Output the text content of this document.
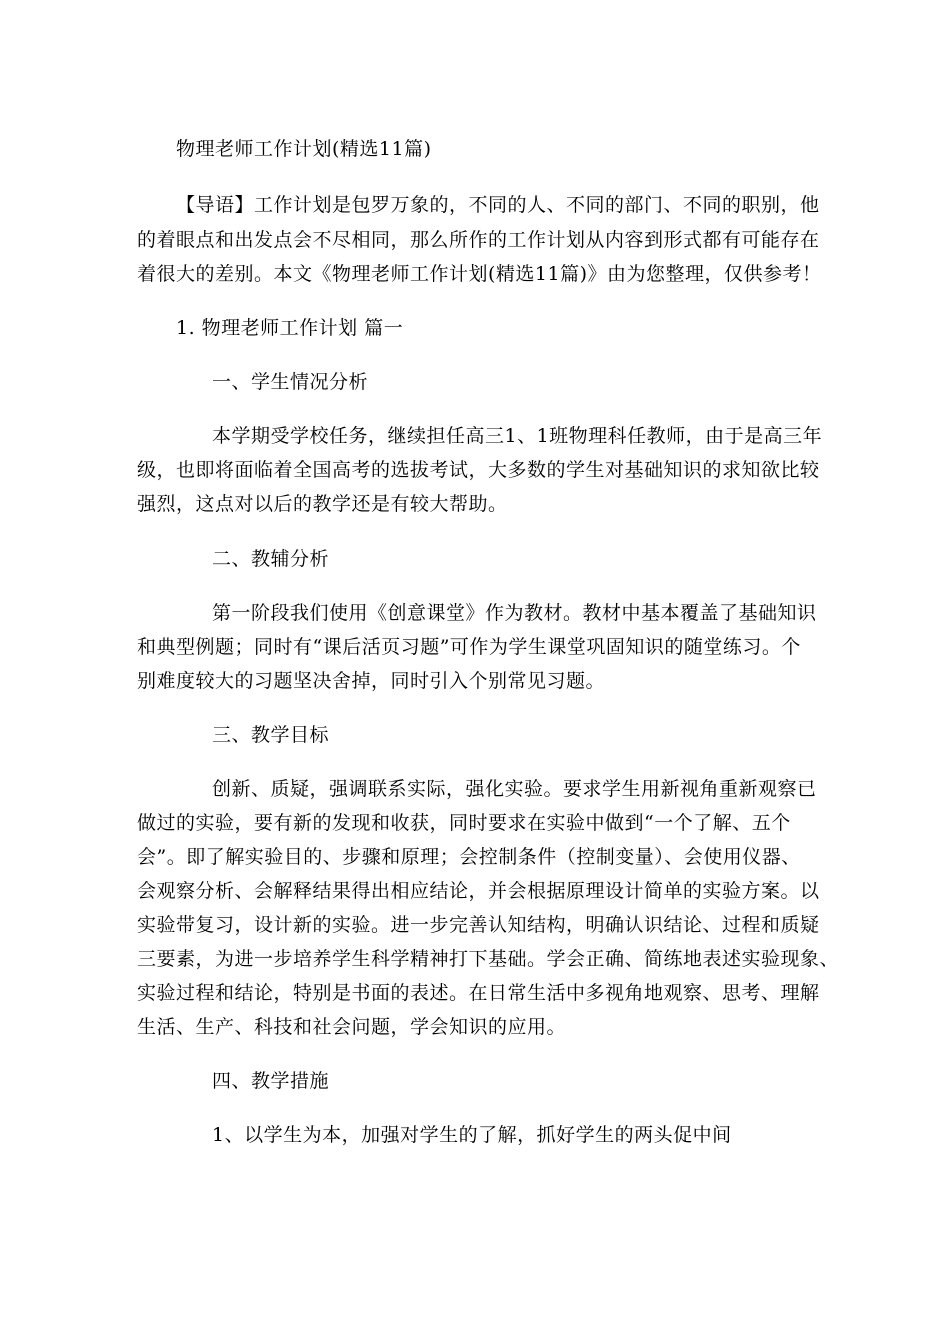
物理老师工作计划(精选11篇)
【导语】工作计划是包罗万象的，不同的人、不同的部门、不同的职别，他
的着眼点和出发点会不尽相同，那么所作的工作计划从内容到形式都有可能存在
着很大的差别。本文《物理老师工作计划(精选11篇)》由为您整理，仅供参考！
1. 物理老师工作计划 篇一
一、学生情况分析
本学期受学校任务，继续担任高三1、1班物理科任教师，由于是高三年
级，也即将面临着全国高考的选拔考试，大多数的学生对基础知识的求知欲比较
强烈，这点对以后的教学还是有较大帮助。
二、教辅分析
第一阶段我们使用《创意课堂》作为教材。教材中基本覆盖了基础知识
和典型例题；同时有“课后活页习题”可作为学生课堂巩固知识的随堂练习。个
别难度较大的习题坚决舍掉，同时引入个别常见习题。
三、教学目标
创新、质疑，强调联系实际，强化实验。要求学生用新视角重新观察已
做过的实验，要有新的发现和收获，同时要求在实验中做到“一个了解、五个
会”。即了解实验目的、步骤和原理；会控制条件（控制变量）、会使用仪器、
会观察分析、会解释结果得出相应结论，并会根据原理设计简单的实验方案。以
实验带复习，设计新的实验。进一步完善认知结构，明确认识结论、过程和质疑
三要素，为进一步培养学生科学精神打下基础。学会正确、简练地表述实验现象、
实验过程和结论，特别是书面的表述。在日常生活中多视角地观察、思考、理解
生活、生产、科技和社会问题，学会知识的应用。
四、教学措施
1、以学生为本，加强对学生的了解，抓好学生的两头促中间
